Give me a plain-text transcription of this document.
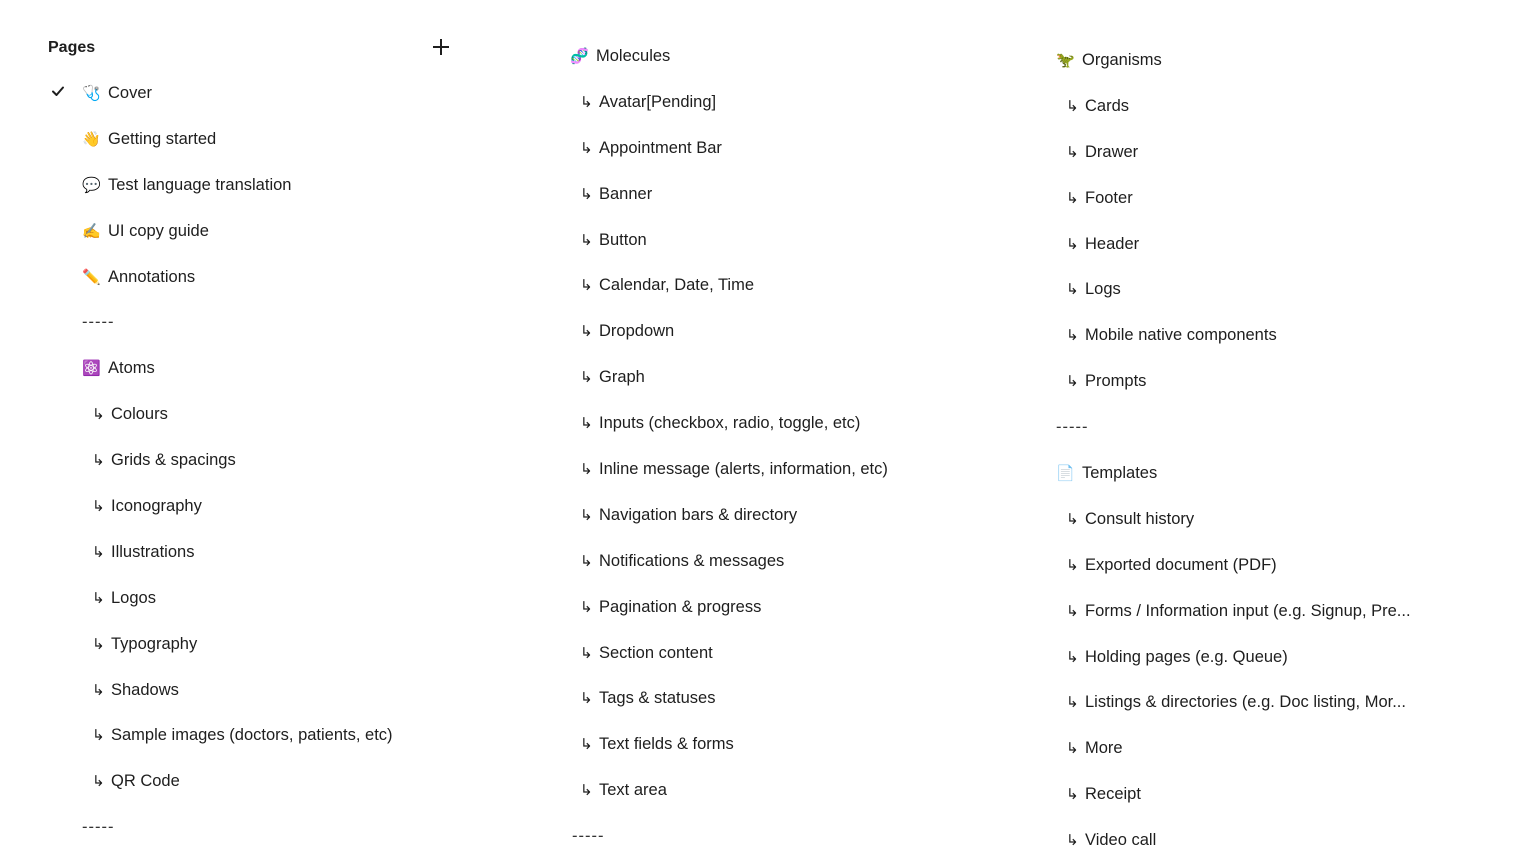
Pages
🩺 Cover
👋 Getting started
💬 Test language translation
✍️ UI copy guide
✏️ Annotations
-----
⚛️ Atoms
↳ Colours
↳ Grids & spacings
↳ Iconography
↳ Illustrations
↳ Logos
↳ Typography
↳ Shadows
↳ Sample images (doctors, patients, etc)
↳ QR Code
-----
🧬 Molecules
↳ Avatar[Pending]
↳ Appointment Bar
↳ Banner
↳ Button
↳ Calendar, Date, Time
↳ Dropdown
↳ Graph
↳ Inputs (checkbox, radio, toggle, etc)
↳ Inline message (alerts, information, etc)
↳ Navigation bars & directory
↳ Notifications & messages
↳ Pagination & progress
↳ Section content
↳ Tags & statuses
↳ Text fields & forms
↳ Text area
-----
🦖 Organisms
↳ Cards
↳ Drawer
↳ Footer
↳ Header
↳ Logs
↳ Mobile native components
↳ Prompts
-----
📄 Templates
↳ Consult history
↳ Exported document (PDF)
↳ Forms / Information input (e.g. Signup, Pre...
↳ Holding pages (e.g. Queue)
↳ Listings & directories (e.g. Doc listing, Mor...
↳ More
↳ Receipt
↳ Video call
